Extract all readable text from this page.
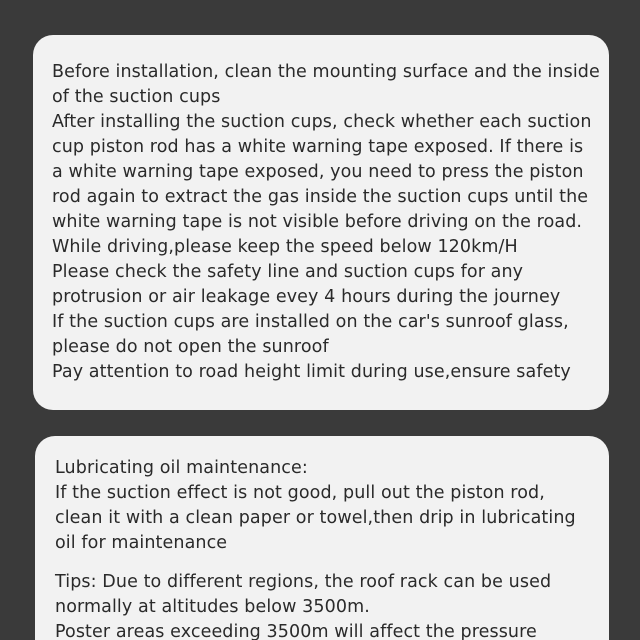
Before installation, clean the mounting surface and the inside
of the suction cups
After installing the suction cups, check whether each suction
cup piston rod has a white warning tape exposed. If there is
a white warning tape exposed, you need to press the piston
rod again to extract the gas inside the suction cups until the
white warning tape is not visible before driving on the road.
While driving,please keep the speed below 120km/H
Please check the safety line and suction cups for any
protrusion or air leakage evey 4 hours during the journey
If the suction cups are installed on the car's sunroof glass,
please do not open the sunroof
Pay attention to road height limit during use,ensure safety
Lubricating oil maintenance:
If the suction effect is not good, pull out the piston rod,
clean it with a clean paper or towel,then drip in lubricating
oil for maintenance
Tips: Due to different regions, the roof rack can be used
normally at altitudes below 3500m.
Poster areas exceeding 3500m will affect the pressure
